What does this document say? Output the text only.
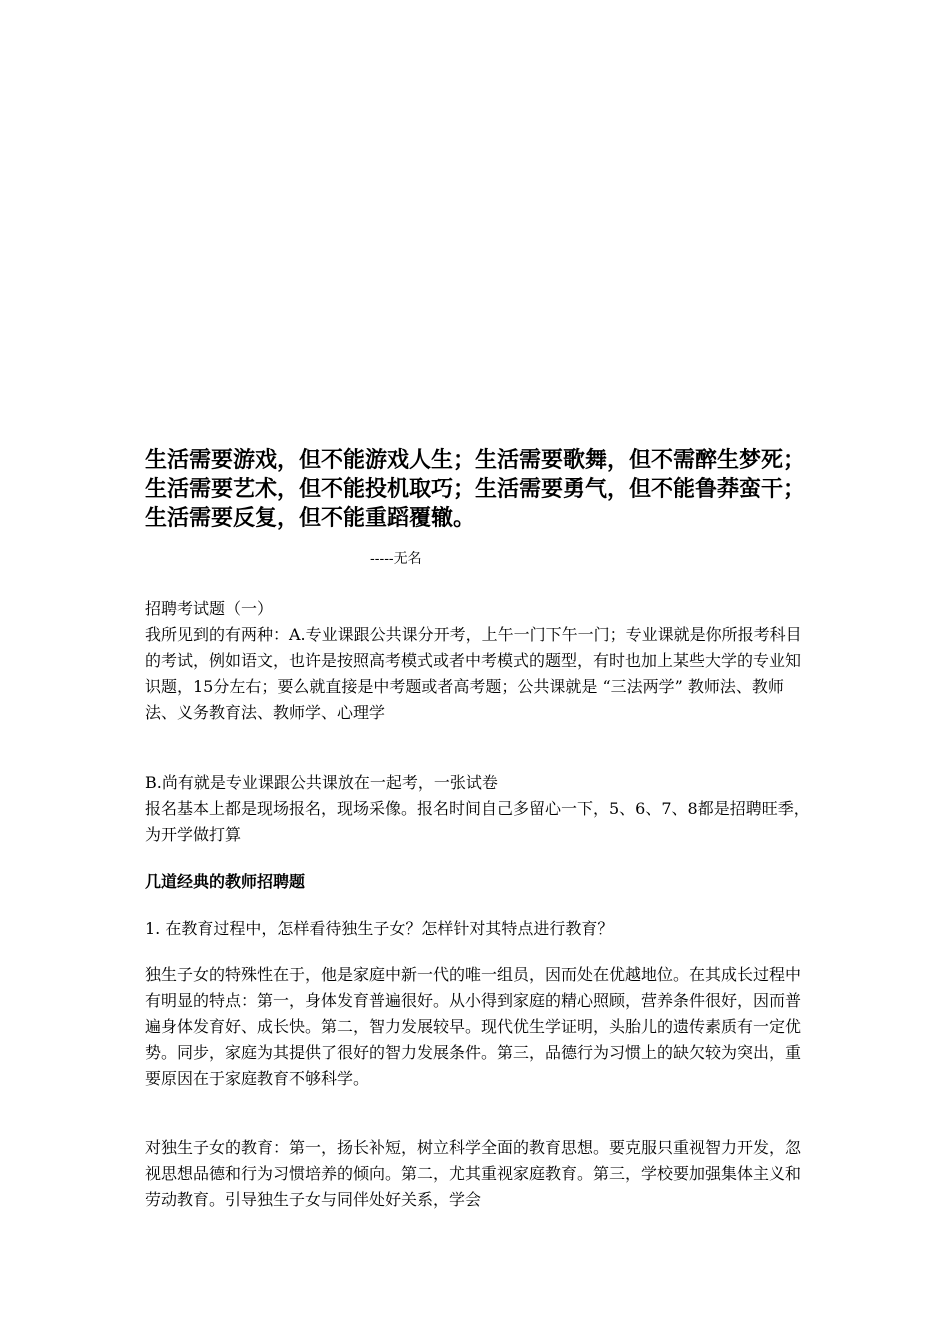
生活需要游戏，但不能游戏人生；生活需要歌舞，但不需醉生梦死；生活需要艺术，但不能投机取巧；生活需要勇气，但不能鲁莽蛮干；生活需要反复，但不能重蹈覆辙。

-----无名

招聘考试题（一）

我所见到的有两种：A.专业课跟公共课分开考，上午一门下午一门；专业课就是你所报考科目的考试，例如语文，也许是按照高考模式或者中考模式的题型，有时也加上某些大学的专业知识题，15分左右；要么就直接是中考题或者高考题；公共课就是 “三法两学” 教师法、教师法、义务教育法、教师学、心理学

B.尚有就是专业课跟公共课放在一起考，一张试卷

报名基本上都是现场报名，现场采像。报名时间自己多留心一下，5、6、7、8都是招聘旺季，为开学做打算

几道经典的教师招聘题

1. 在教育过程中，怎样看待独生子女？怎样针对其特点进行教育？

独生子女的特殊性在于，他是家庭中新一代的唯一组员，因而处在优越地位。在其成长过程中有明显的特点：第一，身体发育普遍很好。从小得到家庭的精心照顾，营养条件很好，因而普遍身体发育好、成长快。第二，智力发展较早。现代优生学证明，头胎儿的遗传素质有一定优势。同步，家庭为其提供了很好的智力发展条件。第三，品德行为习惯上的缺欠较为突出，重要原因在于家庭教育不够科学。

对独生子女的教育：第一，扬长补短，树立科学全面的教育思想。要克服只重视智力开发，忽视思想品德和行为习惯培养的倾向。第二，尤其重视家庭教育。第三，学校要加强集体主义和劳动教育。引导独生子女与同伴处好关系，学会
